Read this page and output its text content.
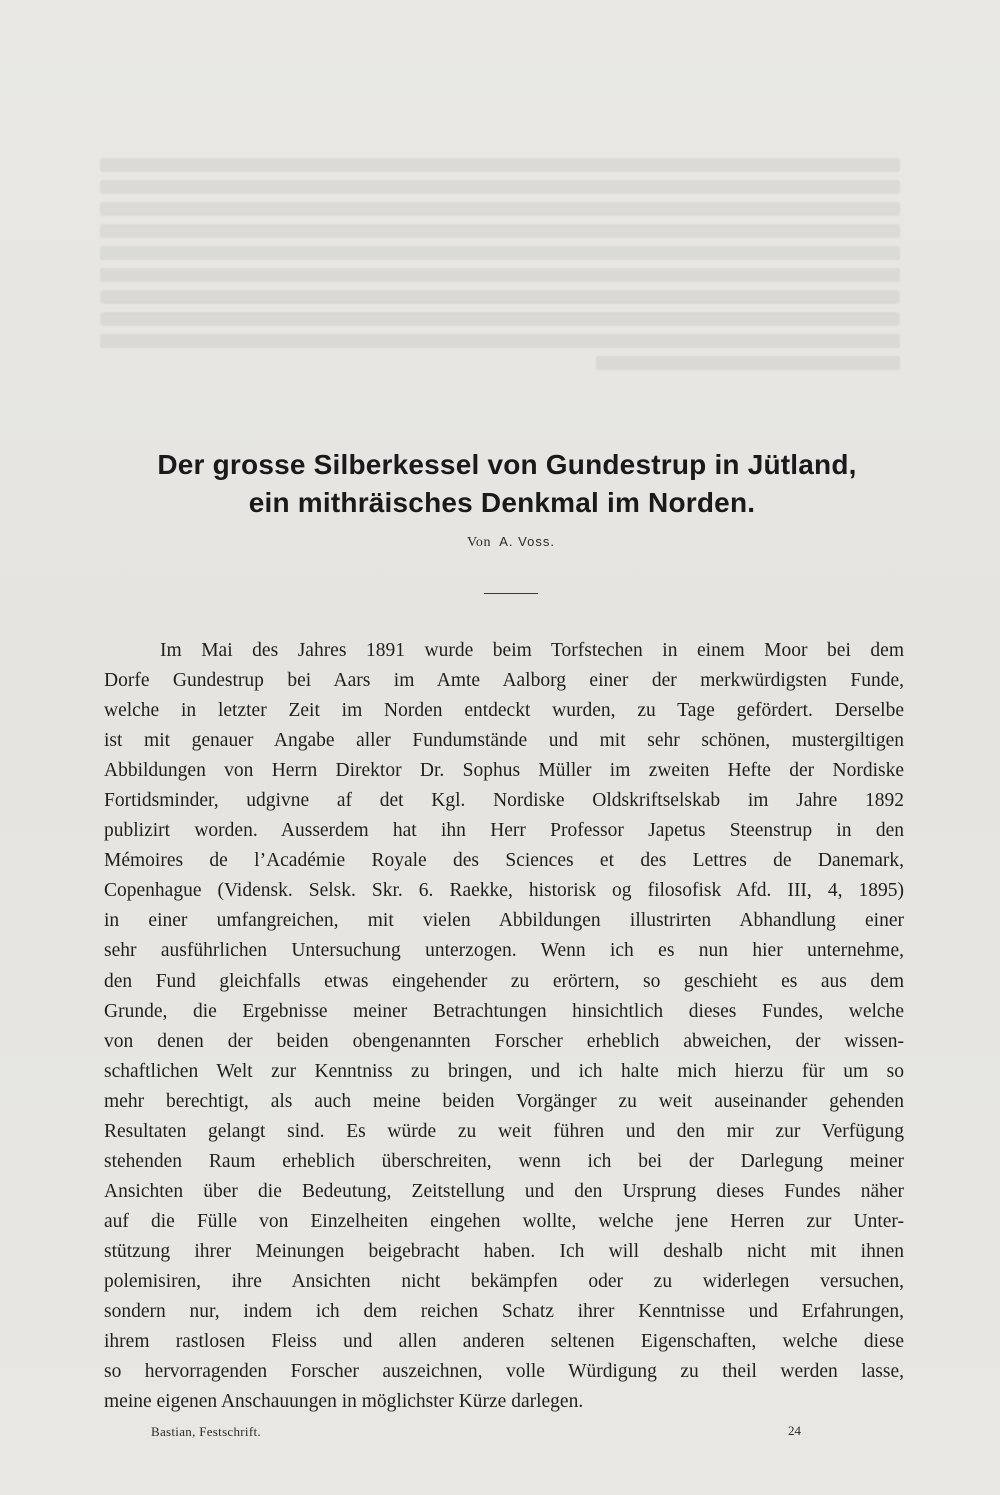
Der grosse Silberkessel von Gundestrup in Jütland,
ein mithräisches Denkmal im Norden.
Von A. Voss.

Im Mai des Jahres 1891 wurde beim Torfstechen in einem Moor bei dem
Dorfe Gundestrup bei Aars im Amte Aalborg einer der merkwürdigsten Funde,
welche in letzter Zeit im Norden entdeckt wurden, zu Tage gefördert. Derselbe
ist mit genauer Angabe aller Fundumstände und mit sehr schönen, mustergiltigen
Abbildungen von Herrn Direktor Dr. Sophus Müller im zweiten Hefte der Nordiske
Fortidsminder, udgivne af det Kgl. Nordiske Oldskriftselskab im Jahre 1892
publizirt worden. Ausserdem hat ihn Herr Professor Japetus Steenstrup in den
Mémoires de l’Académie Royale des Sciences et des Lettres de Danemark,
Copenhague (Vidensk. Selsk. Skr. 6. Raekke, historisk og filosofisk Afd. III, 4, 1895)
in einer umfangreichen, mit vielen Abbildungen illustrirten Abhandlung einer
sehr ausführlichen Untersuchung unterzogen. Wenn ich es nun hier unternehme,
den Fund gleichfalls etwas eingehender zu erörtern, so geschieht es aus dem
Grunde, die Ergebnisse meiner Betrachtungen hinsichtlich dieses Fundes, welche
von denen der beiden obengenannten Forscher erheblich abweichen, der wissen-
schaftlichen Welt zur Kenntniss zu bringen, und ich halte mich hierzu für um so
mehr berechtigt, als auch meine beiden Vorgänger zu weit auseinander gehenden
Resultaten gelangt sind. Es würde zu weit führen und den mir zur Verfügung
stehenden Raum erheblich überschreiten, wenn ich bei der Darlegung meiner
Ansichten über die Bedeutung, Zeitstellung und den Ursprung dieses Fundes näher
auf die Fülle von Einzelheiten eingehen wollte, welche jene Herren zur Unter-
stützung ihrer Meinungen beigebracht haben. Ich will deshalb nicht mit ihnen
polemisiren, ihre Ansichten nicht bekämpfen oder zu widerlegen versuchen,
sondern nur, indem ich dem reichen Schatz ihrer Kenntnisse und Erfahrungen,
ihrem rastlosen Fleiss und allen anderen seltenen Eigenschaften, welche diese
so hervorragenden Forscher auszeichnen, volle Würdigung zu theil werden lasse,
meine eigenen Anschauungen in möglichster Kürze darlegen.

Bastian, Festschrift.	24
